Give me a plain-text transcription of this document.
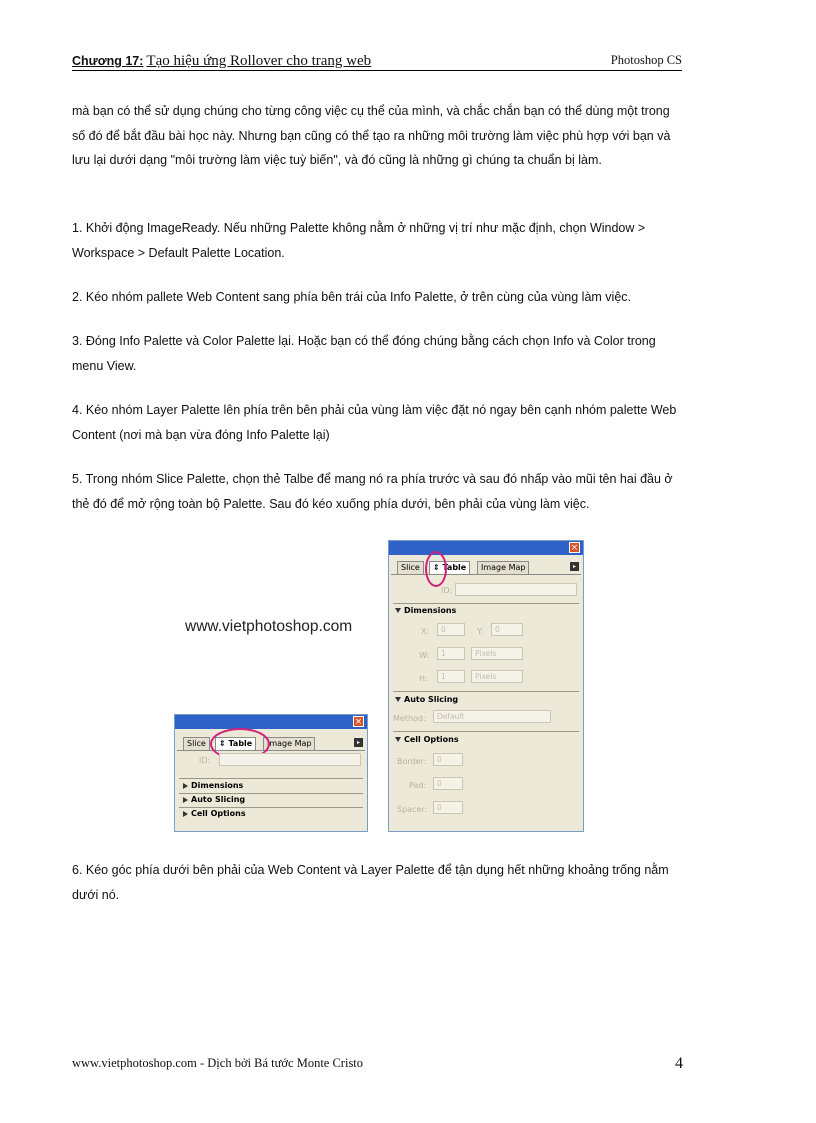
Chương 17: Tạo hiệu ứng Rollover cho trang web	Photoshop CS

mà bạn có thể sử dụng chúng cho từng công việc cụ thể của mình, và chắc chắn bạn có thể dùng một trong số đó để bắt đầu bài học này. Nhưng bạn cũng có thể tạo ra những môi trường làm việc phù hợp với bạn và lưu lại dưới dạng "môi trường làm việc tuỳ biến", và đó cũng là những gì chúng ta chuẩn bị làm.

1. Khởi động ImageReady. Nếu những Palette không nằm ở những vị trí như mặc định, chọn Window > Workspace > Default Palette Location.

2. Kéo nhóm pallete Web Content sang phía bên trái của Info Palette, ở trên cùng của vùng làm việc.

3. Đóng Info Palette và Color Palette lại. Hoặc bạn có thể đóng chúng bằng cách chọn Info và Color trong menu View.

4. Kéo nhóm Layer Palette lên phía trên bên phải của vùng làm việc đặt nó ngay bên cạnh nhóm palette Web Content (nơi mà bạn vừa đóng Info Palette lại)

5. Trong nhóm Slice Palette, chọn thẻ Talbe để mang nó ra phía trước và sau đó nhấp vào mũi tên hai đầu ở thẻ đó để mở rộng toàn bộ Palette. Sau đó kéo xuống phía dưới, bên phải của vùng làm việc.

www.vietphotoshop.com
×
Slice	⇕ Table	Image Map	▸
ID:
Dimensions
Auto Slicing
Cell Options
×
Slice	⇕ Table	Image Map	▸
ID:
Dimensions
X:	0	Y:	0
W:	1	Pixels
H:	1	Pixels
Auto Slicing
Method:	Default
Cell Options
Border:	0
Pad:	0
Spacer:	0

6. Kéo góc phía dưới bên phải của Web Content và Layer Palette để tận dụng hết những khoảng trống nằm dưới nó.

www.vietphotoshop.com - Dịch bởi Bá tước Monte Cristo	4
